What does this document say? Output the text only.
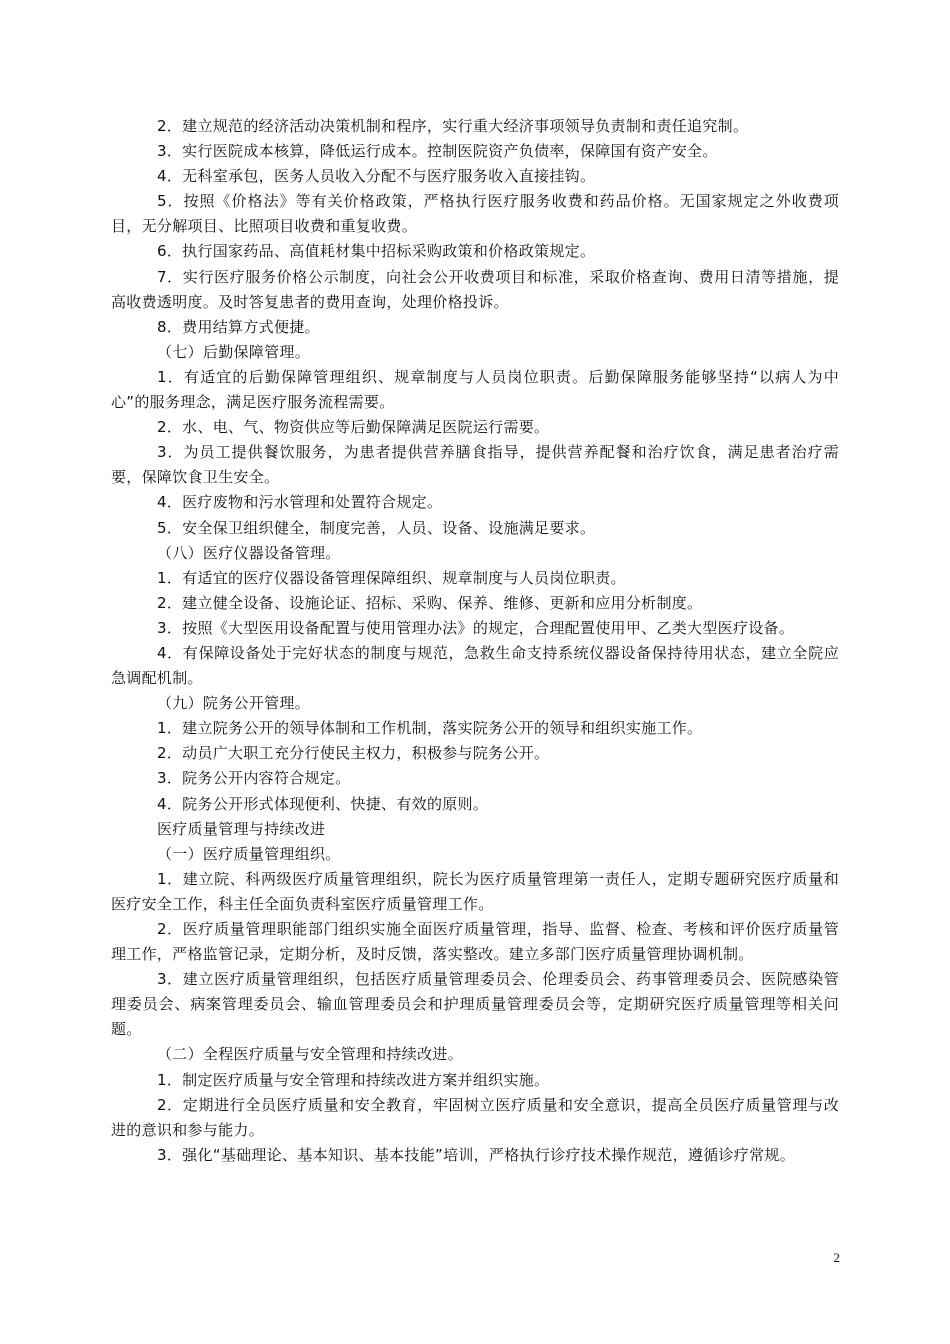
2．建立规范的经济活动决策机制和程序，实行重大经济事项领导负责制和责任追究制。

3．实行医院成本核算，降低运行成本。控制医院资产负债率，保障国有资产安全。

4．无科室承包，医务人员收入分配不与医疗服务收入直接挂钩。

5．按照《价格法》等有关价格政策，严格执行医疗服务收费和药品价格。无国家规定之外收费项目，无分解项目、比照项目收费和重复收费。

6．执行国家药品、高值耗材集中招标采购政策和价格政策规定。

7．实行医疗服务价格公示制度，向社会公开收费项目和标准，采取价格查询、费用日清等措施，提高收费透明度。及时答复患者的费用查询，处理价格投诉。

8．费用结算方式便捷。

（七）后勤保障管理。

1．有适宜的后勤保障管理组织、规章制度与人员岗位职责。后勤保障服务能够坚持“以病人为中心”的服务理念，满足医疗服务流程需要。

2．水、电、气、物资供应等后勤保障满足医院运行需要。

3．为员工提供餐饮服务，为患者提供营养膳食指导，提供营养配餐和治疗饮食，满足患者治疗需要，保障饮食卫生安全。

4．医疗废物和污水管理和处置符合规定。

5．安全保卫组织健全，制度完善，人员、设备、设施满足要求。

（八）医疗仪器设备管理。

1．有适宜的医疗仪器设备管理保障组织、规章制度与人员岗位职责。

2．建立健全设备、设施论证、招标、采购、保养、维修、更新和应用分析制度。

3．按照《大型医用设备配置与使用管理办法》的规定，合理配置使用甲、乙类大型医疗设备。

4．有保障设备处于完好状态的制度与规范，急救生命支持系统仪器设备保持待用状态，建立全院应急调配机制。

（九）院务公开管理。

1．建立院务公开的领导体制和工作机制，落实院务公开的领导和组织实施工作。

2．动员广大职工充分行使民主权力，积极参与院务公开。

3．院务公开内容符合规定。

4．院务公开形式体现便利、快捷、有效的原则。

医疗质量管理与持续改进

（一）医疗质量管理组织。

1．建立院、科两级医疗质量管理组织，院长为医疗质量管理第一责任人，定期专题研究医疗质量和医疗安全工作，科主任全面负责科室医疗质量管理工作。

2．医疗质量管理职能部门组织实施全面医疗质量管理，指导、监督、检查、考核和评价医疗质量管理工作，严格监管记录，定期分析，及时反馈，落实整改。建立多部门医疗质量管理协调机制。

3．建立医疗质量管理组织，包括医疗质量管理委员会、伦理委员会、药事管理委员会、医院感染管理委员会、病案管理委员会、输血管理委员会和护理质量管理委员会等，定期研究医疗质量管理等相关问题。

（二）全程医疗质量与安全管理和持续改进。

1．制定医疗质量与安全管理和持续改进方案并组织实施。

2．定期进行全员医疗质量和安全教育，牢固树立医疗质量和安全意识，提高全员医疗质量管理与改进的意识和参与能力。

3．强化“基础理论、基本知识、基本技能”培训，严格执行诊疗技术操作规范，遵循诊疗常规。

2
